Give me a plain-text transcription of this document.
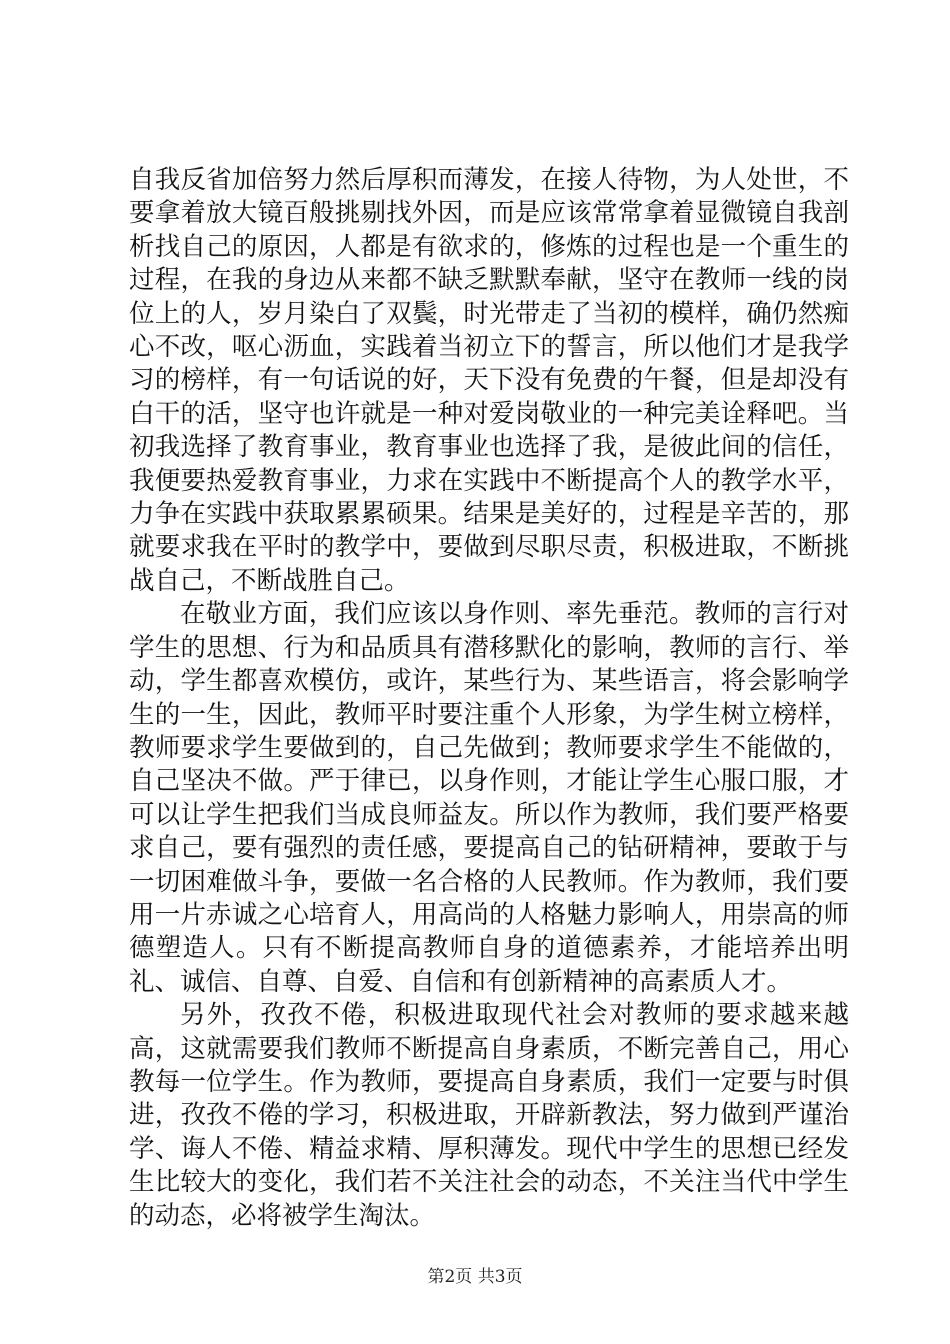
自我反省加倍努力然后厚积而薄发，在接人待物，为人处世，不要拿着放大镜百般挑剔找外因，而是应该常常拿着显微镜自我剖析找自己的原因，人都是有欲求的，修炼的过程也是一个重生的过程，在我的身边从来都不缺乏默默奉献，坚守在教师一线的岗位上的人，岁月染白了双鬓，时光带走了当初的模样，确仍然痴心不改，呕心沥血，实践着当初立下的誓言，所以他们才是我学习的榜样，有一句话说的好，天下没有免费的午餐，但是却没有白干的活，坚守也许就是一种对爱岗敬业的一种完美诠释吧。当初我选择了教育事业，教育事业也选择了我，是彼此间的信任，我便要热爱教育事业，力求在实践中不断提高个人的教学水平，力争在实践中获取累累硕果。结果是美好的，过程是辛苦的，那就要求我在平时的教学中，要做到尽职尽责，积极进取，不断挑战自己，不断战胜自己。

在敬业方面，我们应该以身作则、率先垂范。教师的言行对学生的思想、行为和品质具有潜移默化的影响，教师的言行、举动，学生都喜欢模仿，或许，某些行为、某些语言，将会影响学生的一生，因此，教师平时要注重个人形象，为学生树立榜样，教师要求学生要做到的，自己先做到；教师要求学生不能做的，自己坚决不做。严于律已，以身作则，才能让学生心服口服，才可以让学生把我们当成良师益友。所以作为教师，我们要严格要求自己，要有强烈的责任感，要提高自己的钻研精神，要敢于与一切困难做斗争，要做一名合格的人民教师。作为教师，我们要用一片赤诚之心培育人，用高尚的人格魅力影响人，用崇高的师德塑造人。只有不断提高教师自身的道德素养，才能培养出明礼、诚信、自尊、自爱、自信和有创新精神的高素质人才。

另外，孜孜不倦，积极进取现代社会对教师的要求越来越高，这就需要我们教师不断提高自身素质，不断完善自己，用心教每一位学生。作为教师，要提高自身素质，我们一定要与时俱进，孜孜不倦的学习，积极进取，开辟新教法，努力做到严谨治学、诲人不倦、精益求精、厚积薄发。现代中学生的思想已经发生比较大的变化，我们若不关注社会的动态，不关注当代中学生的动态，必将被学生淘汰。

第2页 共3页
